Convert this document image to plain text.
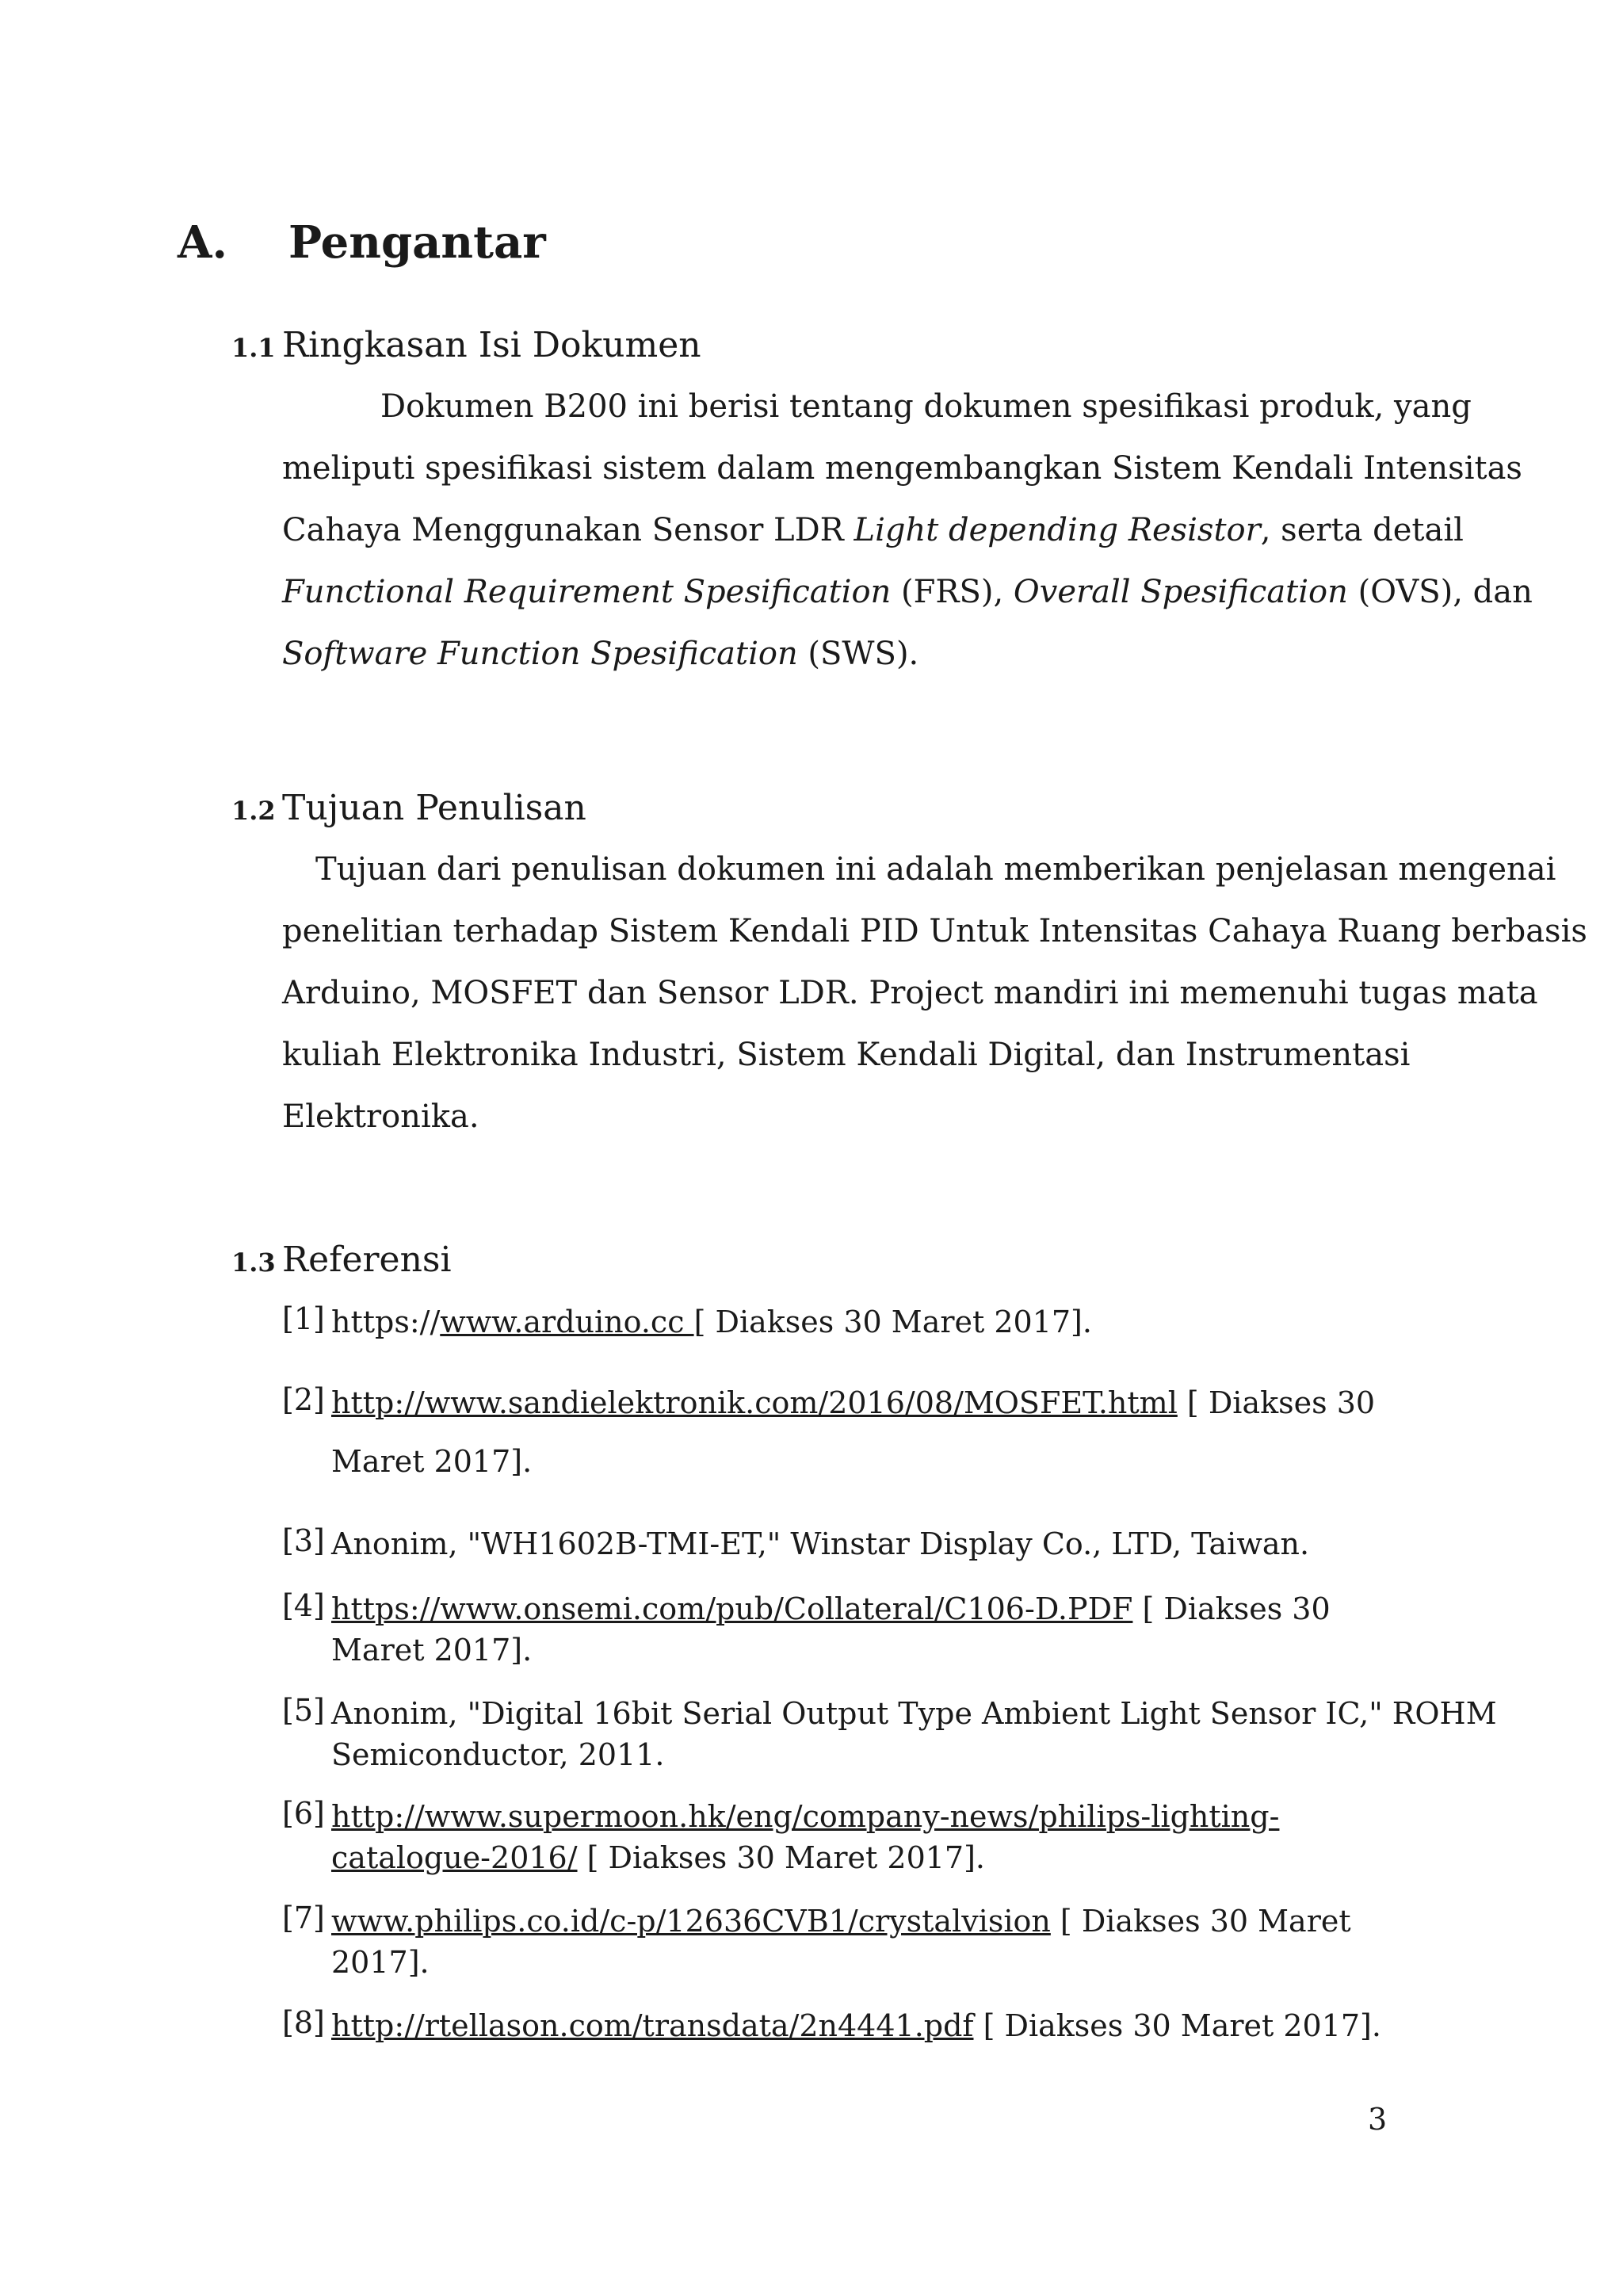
A. Pengantar
1.1 Ringkasan Isi Dokumen
Dokumen B200 ini berisi tentang dokumen spesifikasi produk, yang
meliputi spesifikasi sistem dalam mengembangkan Sistem Kendali Intensitas
Cahaya Menggunakan Sensor LDR Light depending Resistor, serta detail
Functional Requirement Spesification (FRS), Overall Spesification (OVS), dan
Software Function Spesification (SWS).
1.2 Tujuan Penulisan
Tujuan dari penulisan dokumen ini adalah memberikan penjelasan mengenai
penelitian terhadap Sistem Kendali PID Untuk Intensitas Cahaya Ruang berbasis
Arduino, MOSFET dan Sensor LDR. Project mandiri ini memenuhi tugas mata
kuliah Elektronika Industri, Sistem Kendali Digital, dan Instrumentasi
Elektronika.
1.3 Referensi
[1] https://www.arduino.cc [ Diakses 30 Maret 2017].
[2] http://www.sandielektronik.com/2016/08/MOSFET.html [ Diakses 30
Maret 2017].
[3] Anonim, "WH1602B-TMI-ET," Winstar Display Co., LTD, Taiwan.
[4] https://www.onsemi.com/pub/Collateral/C106-D.PDF [ Diakses 30
Maret 2017].
[5] Anonim, "Digital 16bit Serial Output Type Ambient Light Sensor IC," ROHM
Semiconductor, 2011.
[6] http://www.supermoon.hk/eng/company-news/philips-lighting-
catalogue-2016/ [ Diakses 30 Maret 2017].
[7] www.philips.co.id/c-p/12636CVB1/crystalvision [ Diakses 30 Maret
2017].
[8] http://rtellason.com/transdata/2n4441.pdf [ Diakses 30 Maret 2017].
3
